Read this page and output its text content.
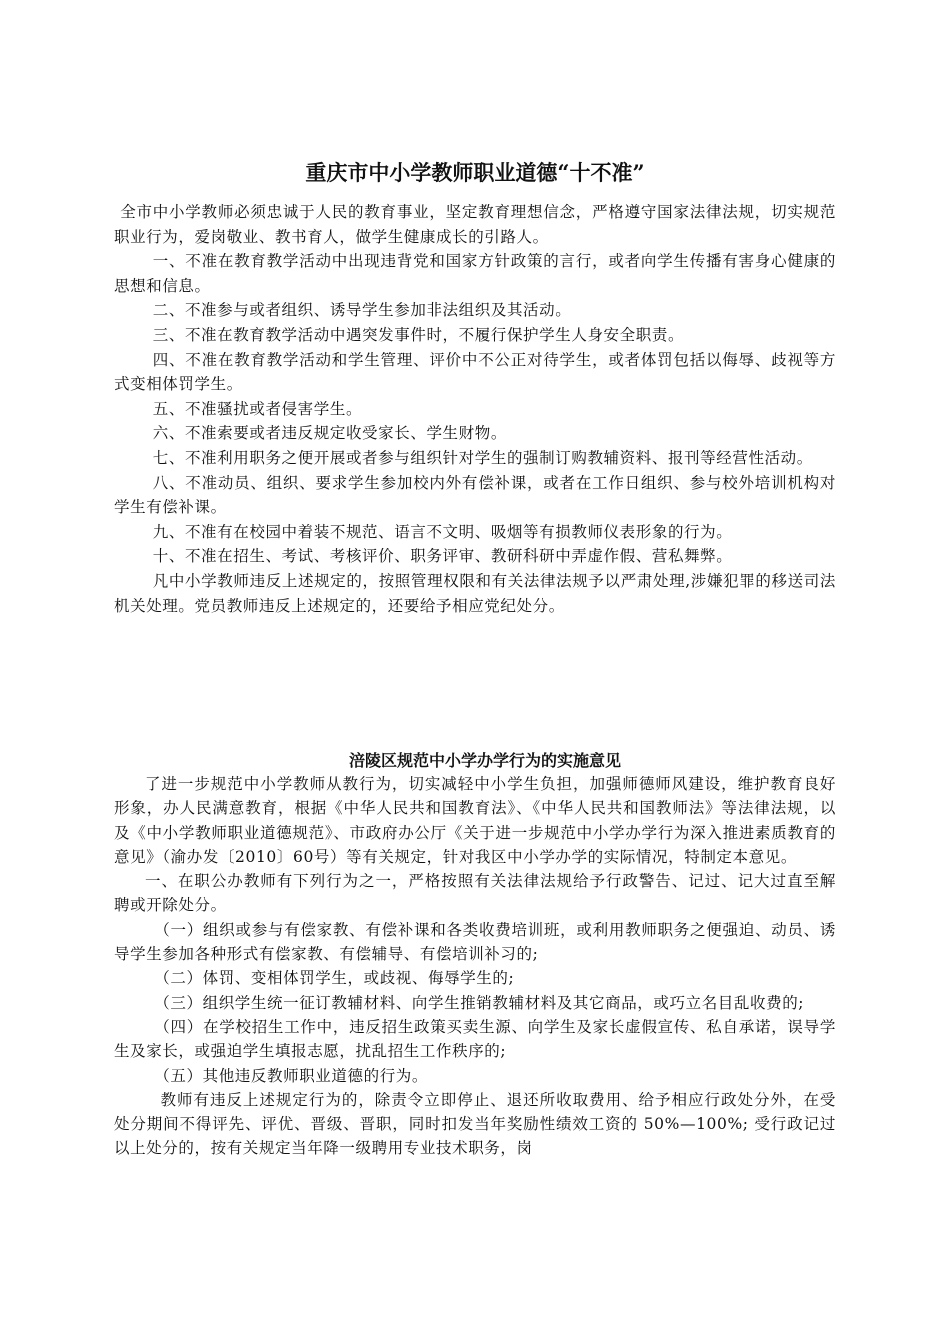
重庆市中小学教师职业道德“十不准”

全市中小学教师必须忠诚于人民的教育事业，坚定教育理想信念，严格遵守国家法律法规，切实规范职业行为，爱岗敬业、教书育人，做学生健康成长的引路人。

一、不准在教育教学活动中出现违背党和国家方针政策的言行，或者向学生传播有害身心健康的思想和信息。

二、不准参与或者组织、诱导学生参加非法组织及其活动。

三、不准在教育教学活动中遇突发事件时，不履行保护学生人身安全职责。

四、不准在教育教学活动和学生管理、评价中不公正对待学生，或者体罚包括以侮辱、歧视等方式变相体罚学生。

五、不准骚扰或者侵害学生。

六、不准索要或者违反规定收受家长、学生财物。

七、不准利用职务之便开展或者参与组织针对学生的强制订购教辅资料、报刊等经营性活动。

八、不准动员、组织、要求学生参加校内外有偿补课，或者在工作日组织、参与校外培训机构对学生有偿补课。

九、不准有在校园中着装不规范、语言不文明、吸烟等有损教师仪表形象的行为。

十、不准在招生、考试、考核评价、职务评审、教研科研中弄虚作假、营私舞弊。

凡中小学教师违反上述规定的，按照管理权限和有关法律法规予以严肃处理,涉嫌犯罪的移送司法机关处理。党员教师违反上述规定的，还要给予相应党纪处分。

涪陵区规范中小学办学行为的实施意见

了进一步规范中小学教师从教行为，切实减轻中小学生负担，加强师德师风建设，维护教育良好形象，办人民满意教育，根据《中华人民共和国教育法》、《中华人民共和国教师法》等法律法规，以及《中小学教师职业道德规范》、市政府办公厅《关于进一步规范中小学办学行为深入推进素质教育的意见》（渝办发〔2010〕60号）等有关规定，针对我区中小学办学的实际情况，特制定本意见。

一、在职公办教师有下列行为之一，严格按照有关法律法规给予行政警告、记过、记大过直至解聘或开除处分。

（一）组织或参与有偿家教、有偿补课和各类收费培训班，或利用教师职务之便强迫、动员、诱导学生参加各种形式有偿家教、有偿辅导、有偿培训补习的;

（二）体罚、变相体罚学生，或歧视、侮辱学生的;

（三）组织学生统一征订教辅材料、向学生推销教辅材料及其它商品，或巧立名目乱收费的;

（四）在学校招生工作中，违反招生政策买卖生源、向学生及家长虚假宣传、私自承诺，误导学生及家长，或强迫学生填报志愿，扰乱招生工作秩序的;

（五）其他违反教师职业道德的行为。

教师有违反上述规定行为的，除责令立即停止、退还所收取费用、给予相应行政处分外，在受处分期间不得评先、评优、晋级、晋职，同时扣发当年奖励性绩效工资的 50%—100%; 受行政记过以上处分的，按有关规定当年降一级聘用专业技术职务，岗
